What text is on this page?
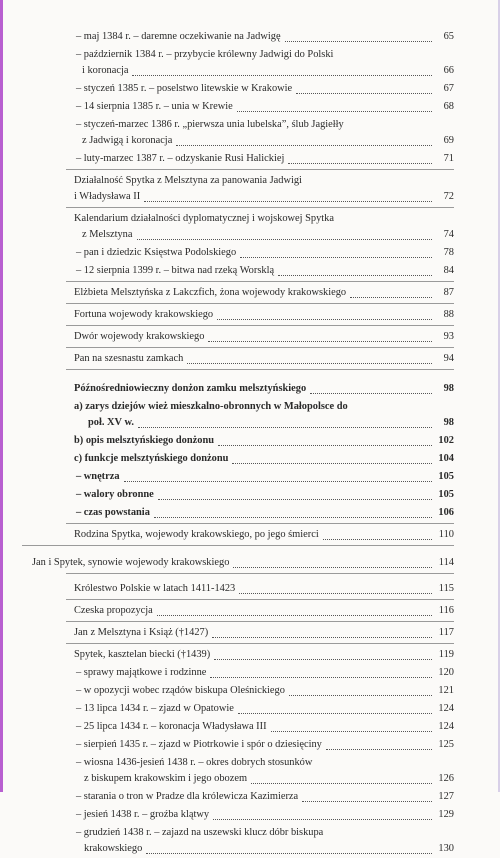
– maj 1384 r. – daremne oczekiwanie na Jadwigę	65
– październik 1384 r. – przybycie królewny Jadwigi do Polski
i koronacja	66
– styczeń 1385 r. – poselstwo litewskie w Krakowie	67
– 14 sierpnia 1385 r. – unia w Krewie	68
– styczeń-marzec 1386 r. „pierwsza unia lubelska”, ślub Jagiełły
z Jadwigą i koronacja	69
– luty-marzec 1387 r. – odzyskanie Rusi Halickiej	71
Działalność Spytka z Melsztyna za panowania Jadwigi
i Władysława II	72
Kalendarium działalności dyplomatycznej i wojskowej Spytka
z Melsztyna	74
– pan i dziedzic Księstwa Podolskiego	78
– 12 sierpnia 1399 r. – bitwa nad rzeką Worsklą	84
Elżbieta Melsztyńska z Lakczfich, żona wojewody krakowskiego	87
Fortuna wojewody krakowskiego	88
Dwór wojewody krakowskiego	93
Pan na szesnastu zamkach	94
Późnośredniowieczny donżon zamku melsztyńskiego	98
a) zarys dziejów wież mieszkalno-obronnych w Małopolsce do
poł. XV w.	98
b) opis melsztyńskiego donżonu	102
c) funkcje melsztyńskiego donżonu	104
– wnętrza	105
– walory obronne	105
– czas powstania	106
Rodzina Spytka, wojewody krakowskiego, po jego śmierci	110
Jan i Spytek, synowie wojewody krakowskiego	114
Królestwo Polskie w latach 1411-1423	115
Czeska propozycja	116
Jan z Melsztyna i Książ (†1427)	117
Spytek, kasztelan biecki (†1439)	119
– sprawy majątkowe i rodzinne	120
– w opozycji wobec rządów biskupa Oleśnickiego	121
– 13 lipca 1434 r. – zjazd w Opatowie	124
– 25 lipca 1434 r. – koronacja Władysława III	124
– sierpień 1435 r. – zjazd w Piotrkowie i spór o dziesięciny	125
– wiosna 1436-jesień 1438 r. – okres dobrych stosunków
z biskupem krakowskim i jego obozem	126
– starania o tron w Pradze dla królewicza Kazimierza	127
– jesień 1438 r. – groźba klątwy	129
– grudzień 1438 r. – zajazd na uszewski klucz dóbr biskupa
krakowskiego	130
